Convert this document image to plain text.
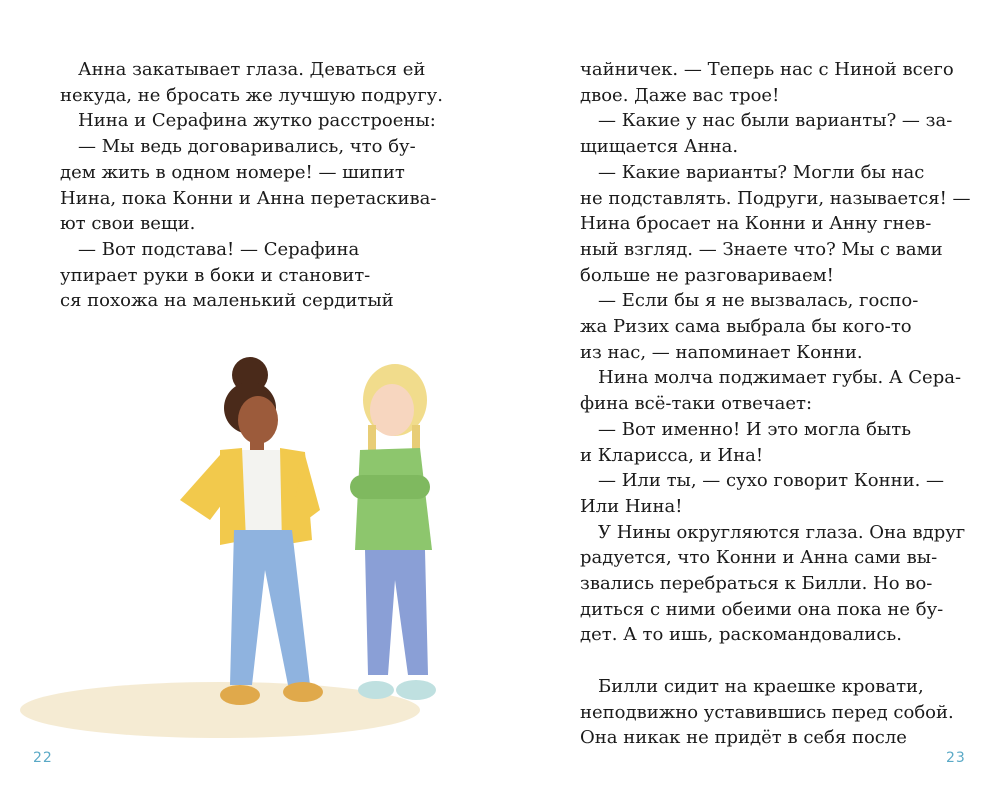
Анна закатывает глаза. Деваться ей
некуда, не бросать же лучшую подругу.
Нина и Серафина жутко расстроены:
— Мы ведь договаривались, что бу-
дем жить в одном номере! — шипит
Нина, пока Конни и Анна перетаскива-
ют свои вещи.
— Вот подстава! — Серафина
упирает руки в боки и становит-
ся похожа на маленький сердитый
22
чайничек. — Теперь нас с Ниной всего
двое. Даже вас трое!
— Какие у нас были варианты? — за-
щищается Анна.
— Какие варианты? Могли бы нас
не подставлять. Подруги, называется! —
Нина бросает на Конни и Анну гнев-
ный взгляд. — Знаете что? Мы с вами
больше не разговариваем!
— Если бы я не вызвалась, госпо-
жа Ризих сама выбрала бы кого-то
из нас, — напоминает Конни.
Нина молча поджимает губы. А Сера-
фина всё-таки отвечает:
— Вот именно! И это могла быть
и Кларисса, и Ина!
— Или ты, — сухо говорит Конни. —
Или Нина!
У Нины округляются глаза. Она вдруг
радуется, что Конни и Анна сами вы-
звались перебраться к Билли. Но во-
диться с ними обеими она пока не бу-
дет. А то ишь, раскомандовались.
Билли сидит на краешке кровати,
неподвижно уставившись перед собой.
Она никак не придёт в себя после
23
